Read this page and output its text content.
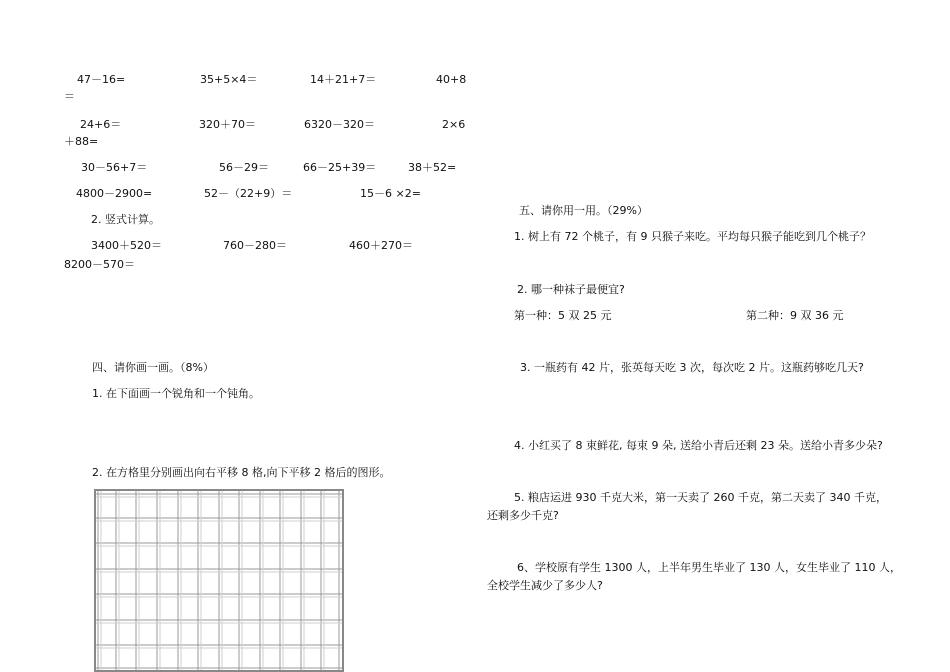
47－16=	35+5×4＝	14＋21+7＝	40+8
＝
24+6＝	320＋70＝	6320－320＝	2×6
＋88=
30－56+7＝	56－29＝	66－25+39＝	38＋52=
4800－2900=	52－（22+9）＝	15－6 ×2=
2. 竖式计算。
3400＋520＝	760－280＝	460＋270＝
8200－570＝
四、请你画一画。（8%）
1. 在下面画一个锐角和一个钝角。
2. 在方格里分别画出向右平移 8 格,向下平移 2 格后的图形。
五、请你用一用。（29%）
1. 树上有 72 个桃子，有 9 只猴子来吃。平均每只猴子能吃到几个桃子？
2. 哪一种袜子最便宜?
第一种：5 双 25 元	第二种：9 双 36 元
3. 一瓶药有 42 片，张英每天吃 3 次，每次吃 2 片。这瓶药够吃几天?
4. 小红买了 8 束鲜花, 每束 9 朵, 送给小青后还剩 23 朵。送给小青多少朵?
5. 粮店运进 930 千克大米，第一天卖了 260 千克，第二天卖了 340 千克，
还剩多少千克?
6、学校原有学生 1300 人，上半年男生毕业了 130 人，女生毕业了 110 人，
全校学生减少了多少人?
